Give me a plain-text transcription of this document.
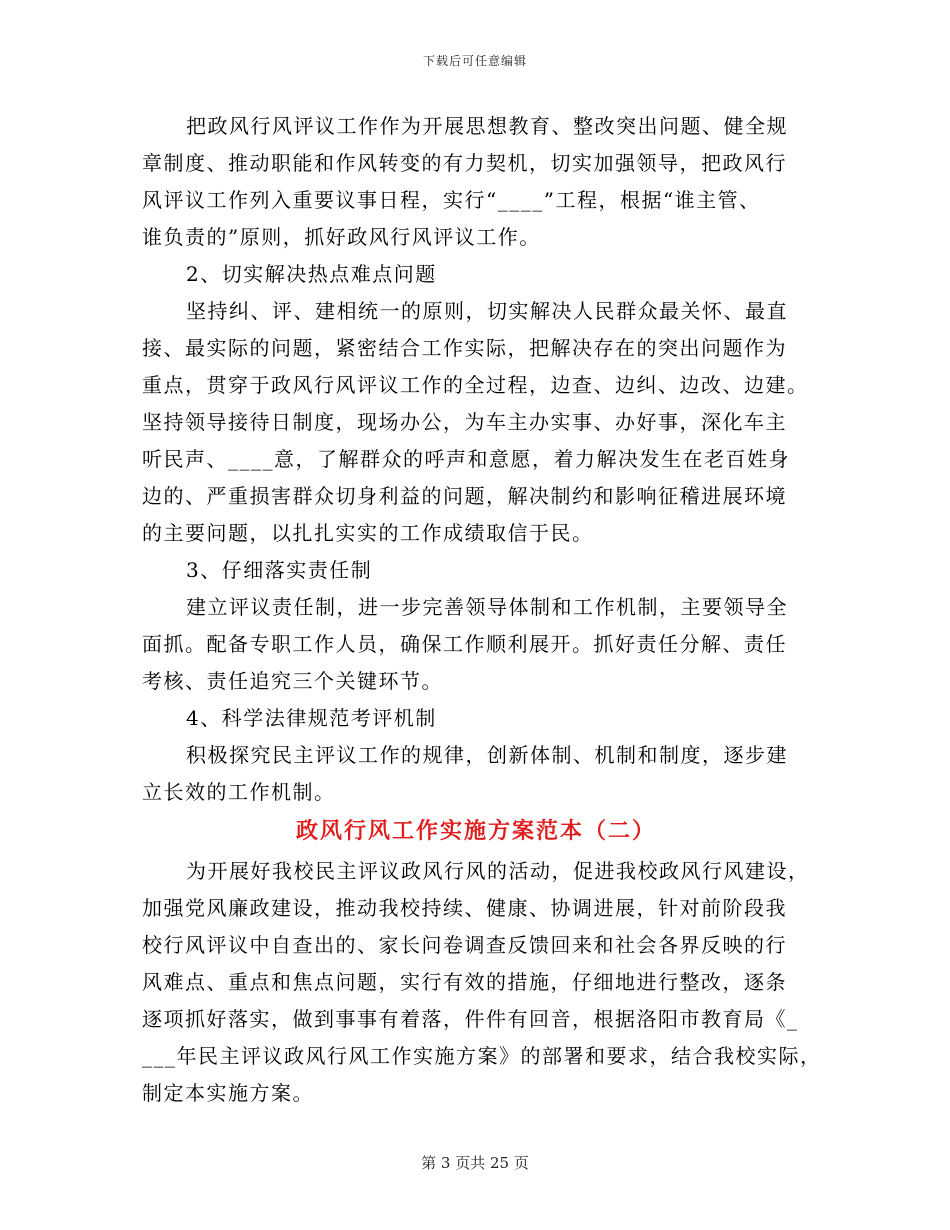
下载后可任意编辑
把政风行风评议工作作为开展思想教育、整改突出问题、健全规
章制度、推动职能和作风转变的有力契机，切实加强领导，把政风行
风评议工作列入重要议事日程，实行“____”工程，根据“谁主管、
谁负责的”原则，抓好政风行风评议工作。
2、切实解决热点难点问题
坚持纠、评、建相统一的原则，切实解决人民群众最关怀、最直
接、最实际的问题，紧密结合工作实际，把解决存在的突出问题作为
重点，贯穿于政风行风评议工作的全过程，边查、边纠、边改、边建。
坚持领导接待日制度，现场办公，为车主办实事、办好事，深化车主
听民声、____意，了解群众的呼声和意愿，着力解决发生在老百姓身
边的、严重损害群众切身利益的问题，解决制约和影响征稽进展环境
的主要问题，以扎扎实实的工作成绩取信于民。
3、仔细落实责任制
建立评议责任制，进一步完善领导体制和工作机制，主要领导全
面抓。配备专职工作人员，确保工作顺利展开。抓好责任分解、责任
考核、责任追究三个关键环节。
4、科学法律规范考评机制
积极探究民主评议工作的规律，创新体制、机制和制度，逐步建
立长效的工作机制。
政风行风工作实施方案范本（二）
为开展好我校民主评议政风行风的活动，促进我校政风行风建设，
加强党风廉政建设，推动我校持续、健康、协调进展，针对前阶段我
校行风评议中自查出的、家长问卷调查反馈回来和社会各界反映的行
风难点、重点和焦点问题，实行有效的措施，仔细地进行整改，逐条
逐项抓好落实，做到事事有着落，件件有回音，根据洛阳市教育局《_
___年民主评议政风行风工作实施方案》的部署和要求，结合我校实际，
制定本实施方案。
第 3 页共 25 页
